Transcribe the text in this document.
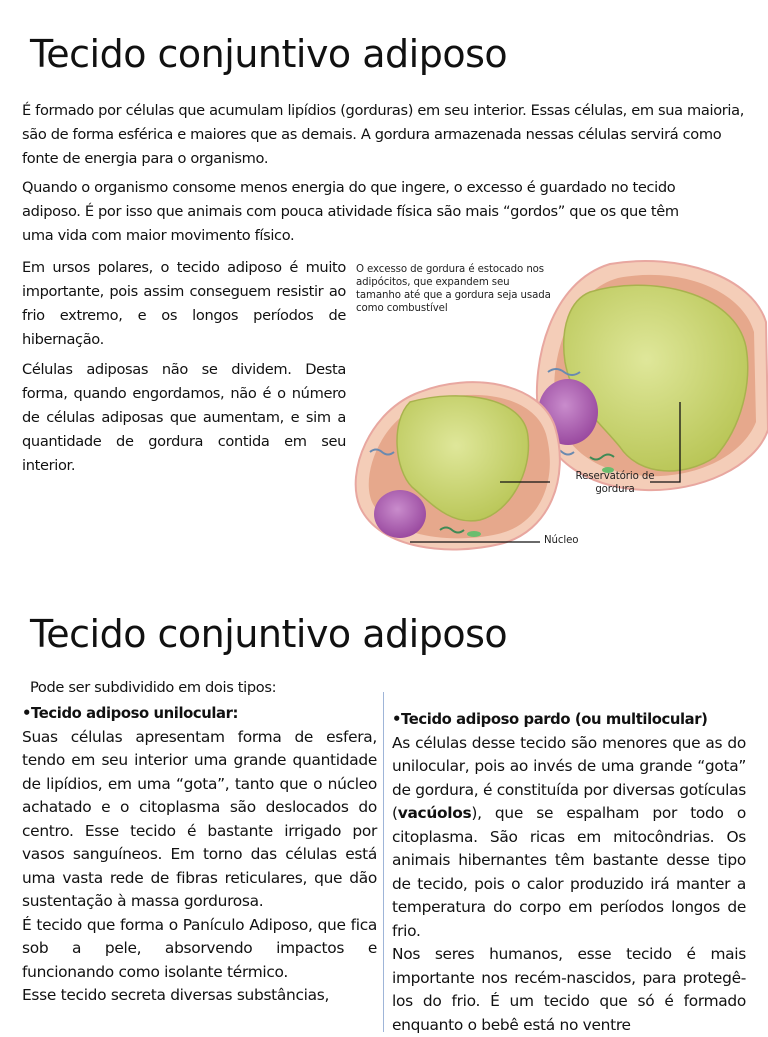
Tecido conjuntivo adiposo

É formado por células que acumulam lipídios (gorduras) em seu interior. Essas células, em sua maioria, são de forma esférica e maiores que as demais. A gordura armazenada nessas células servirá como fonte de energia para o organismo.

Quando o organismo consome menos energia do que ingere, o excesso é guardado no tecido adiposo. É por isso que animais com pouca atividade física são mais “gordos” que os que têm uma vida com maior movimento físico.

Em ursos polares, o tecido adiposo é muito importante, pois assim conseguem resistir ao frio extremo, e os longos períodos de hibernação.

Células adiposas não se dividem. Desta forma, quando engordamos, não é o número de células adiposas que aumentam, e sim a quantidade de gordura contida em seu interior.

O excesso de gordura é estocado nos adipócitos, que expandem seu tamanho até que a gordura seja usada como combustível

Reservatório de gordura

Núcleo

Tecido conjuntivo adiposo

Pode ser subdividido em dois tipos:

•Tecido adiposo unilocular:
Suas células apresentam forma de esfera, tendo em seu interior uma grande quantidade de lipídios, em uma “gota”, tanto que o núcleo achatado e o citoplasma são deslocados do centro. Esse tecido é bastante irrigado por vasos sanguíneos. Em torno das células está uma vasta rede de fibras reticulares, que dão sustentação à massa gordurosa.
É tecido que forma o Panículo Adiposo, que fica sob a pele, absorvendo impactos e funcionando como isolante térmico.
Esse tecido secreta diversas substâncias,
•Tecido adiposo pardo (ou multilocular)
As células desse tecido são menores que as do unilocular, pois ao invés de uma grande “gota” de gordura, é constituída por diversas gotículas (vacúolos), que se espalham por todo o citoplasma. São ricas em mitocôndrias. Os animais hibernantes têm bastante desse tipo de tecido, pois o calor produzido irá manter a temperatura do corpo em períodos longos de frio.
Nos seres humanos, esse tecido é mais importante nos recém-nascidos, para protegê-los do frio. É um tecido que só é formado enquanto o bebê está no ventre
